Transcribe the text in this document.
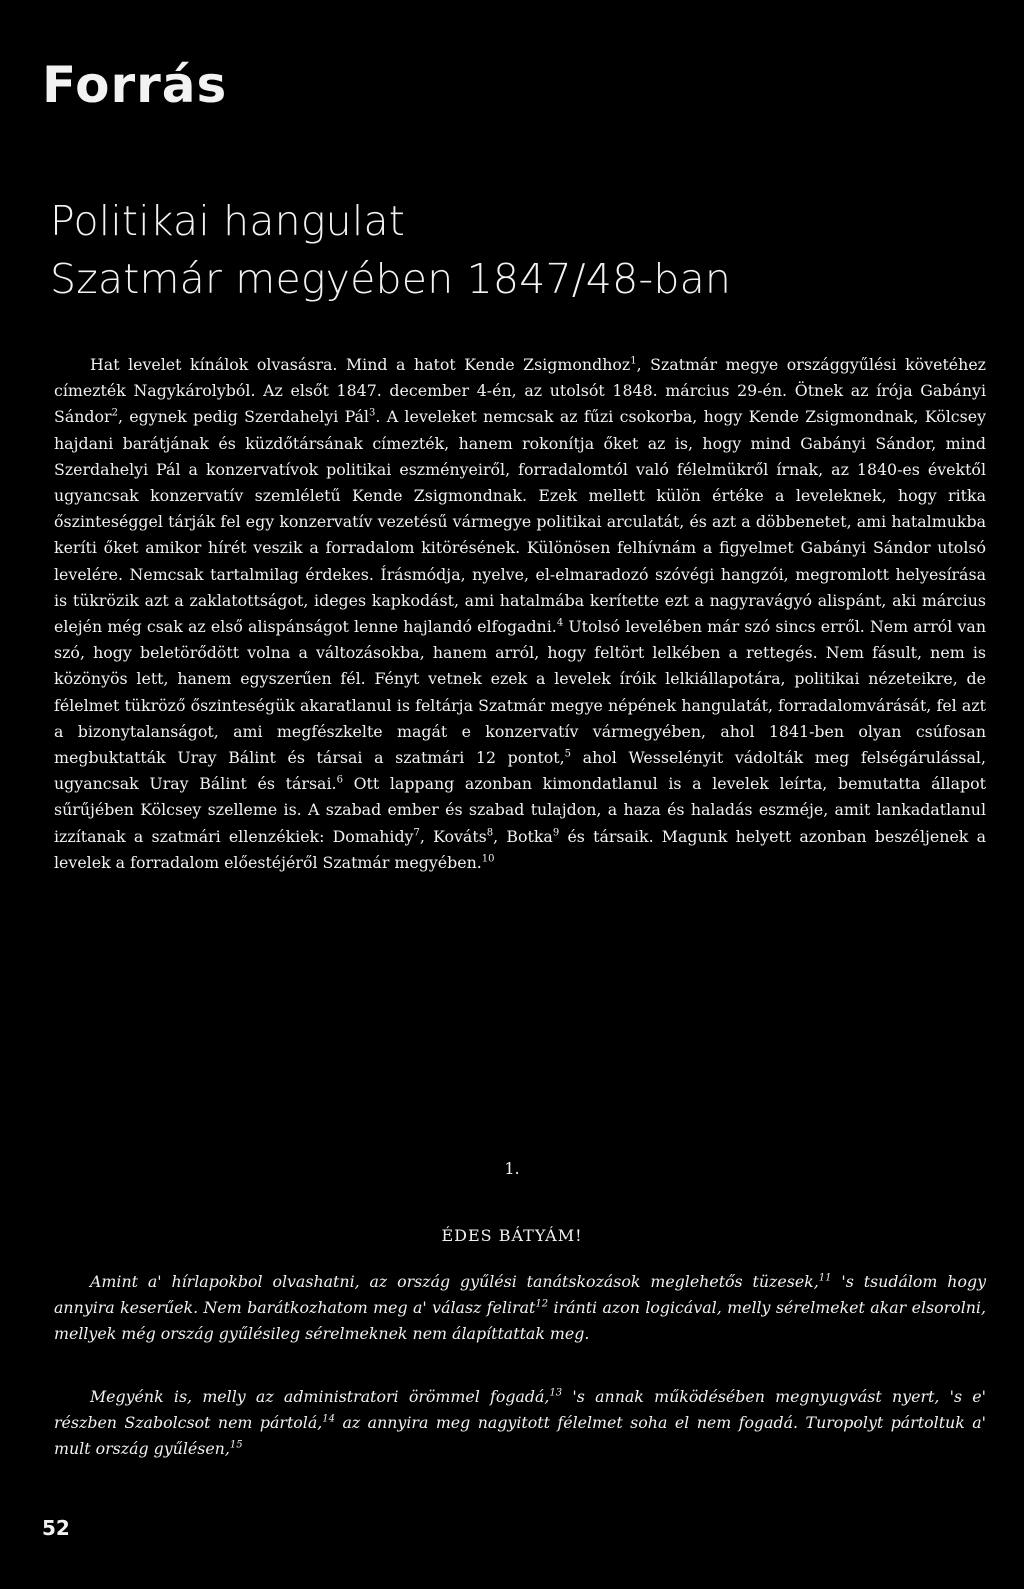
Forrás
Politikai hangulat
Szatmár megyében 1847/48-ban

Hat levelet kínálok olvasásra. Mind a hatot Kende Zsigmondhoz$^1$, Szatmár megye országgyűlési követéhez címezték Nagykárolyból. Az elsőt 1847. december 4-én, az utolsót 1848. március 29-én. Ötnek az írója Gabányi Sándor$^2$, egynek pedig Szerdahelyi Pál$^3$. A leveleket nemcsak az fűzi csokorba, hogy Kende Zsigmondnak, Kölcsey hajdani barátjának és küzdőtársának címezték, hanem rokonítja őket az is, hogy mind Gabányi Sándor, mind Szerdahelyi Pál a konzervatívok politikai eszményeiről, forradalomtól való félelmükről írnak, az 1840-es évektől ugyancsak konzervatív szemléletű Kende Zsigmondnak. Ezek mellett külön értéke a leveleknek, hogy ritka őszinteséggel tárják fel egy konzervatív vezetésű vármegye politikai arculatát, és azt a döbbenetet, ami hatalmukba keríti őket amikor hírét veszik a forradalom kitörésének. Különösen felhívnám a figyelmet Gabányi Sándor utolsó levelére. Nemcsak tartalmilag érdekes. Írásmódja, nyelve, el-elmaradozó szóvégi hangzói, megromlott helyesírása is tükrözik azt a zaklatottságot, ideges kapkodást, ami hatalmába kerítette ezt a nagyravágyó alispánt, aki március elején még csak az első alispánságot lenne hajlandó elfogadni.$^4$ Utolsó levelében már szó sincs erről. Nem arról van szó, hogy beletörődött volna a változásokba, hanem arról, hogy feltört lelkében a rettegés. Nem fásult, nem is közönyös lett, hanem egyszerűen fél. Fényt vetnek ezek a levelek íróik lelkiállapotára, politikai nézeteikre, de félelmet tükröző őszinteségük akaratlanul is feltárja Szatmár megye népének hangulatát, forradalomvárását, fel azt a bizonytalanságot, ami megfészkelte magát e konzervatív vármegyében, ahol 1841-ben olyan csúfosan megbuktatták Uray Bálint és társai a szatmári 12 pontot,$^5$ ahol Wesselényit vádolták meg felségárulással, ugyancsak Uray Bálint és társai.$^6$ Ott lappang azonban kimondatlanul is a levelek leírta, bemutatta állapot sűrűjében Kölcsey szelleme is. A szabad ember és szabad tulajdon, a haza és haladás eszméje, amit lankadatlanul izzítanak a szatmári ellenzékiek: Domahidy$^7$, Kováts$^8$, Botka$^9$ és társaik. Magunk helyett azonban beszéljenek a levelek a forradalom előestéjéről Szatmár megyében.$^{10}$

1.

ÉDES BÁTYÁM!

Amint a' hírlapokbol olvashatni, az ország gyűlési tanátskozások meglehetős tüzesek,$^{11}$ 's tsudálom hogy annyira keserűek. Nem barátkozhatom meg a' válasz felirat$^{12}$ iránti azon logicával, melly sérelmeket akar elsorolni, mellyek még ország gyűlésileg sérelmeknek nem álapíttattak meg.

Megyénk is, melly az administratori örömmel fogadá,$^{13}$ 's annak működésében megnyugvást nyert, 's e' részben Szabolcsot nem pártolá,$^{14}$ az annyira meg nagyitott félelmet soha el nem fogadá. Turopolyt pártoltuk a' mult ország gyűlésen,$^{15}$

52
